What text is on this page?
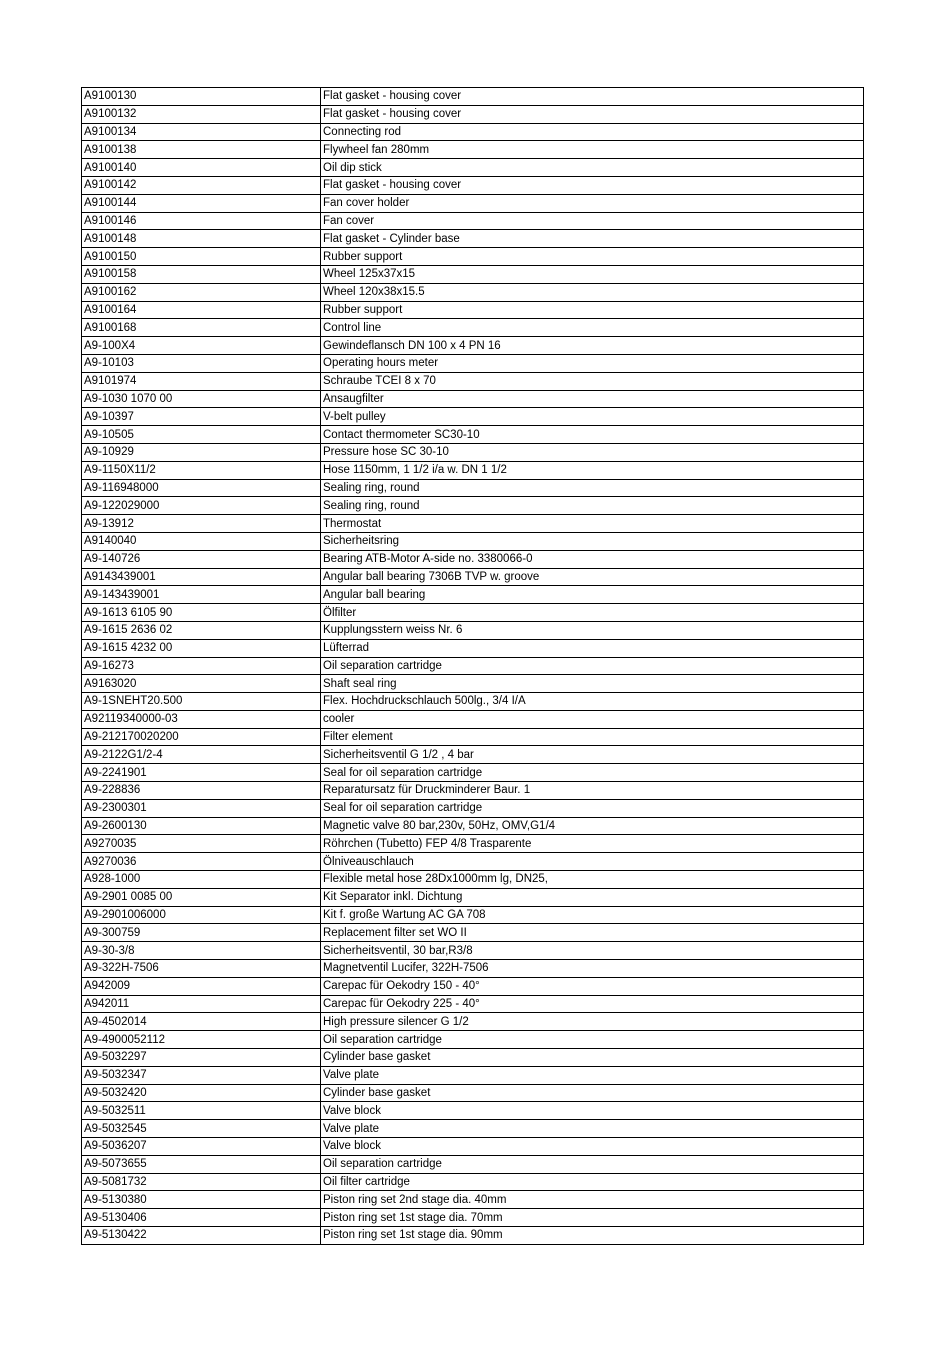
A9100130	Flat gasket - housing cover
A9100132	Flat gasket - housing cover
A9100134	Connecting rod
A9100138	Flywheel fan 280mm
A9100140	Oil dip stick
A9100142	Flat gasket - housing cover
A9100144	Fan cover holder
A9100146	Fan cover
A9100148	Flat gasket - Cylinder base
A9100150	Rubber support
A9100158	Wheel 125x37x15
A9100162	Wheel 120x38x15.5
A9100164	Rubber support
A9100168	Control line
A9-100X4	Gewindeflansch DN 100 x 4 PN 16
A9-10103	Operating hours meter
A9101974	Schraube TCEI 8 x 70
A9-1030 1070 00	Ansaugfilter
A9-10397	V-belt pulley
A9-10505	Contact thermometer SC30-10
A9-10929	Pressure hose SC 30-10
A9-1150X11/2	Hose 1150mm, 1 1/2 i/a w. DN 1 1/2
A9-116948000	Sealing ring, round
A9-122029000	Sealing ring, round
A9-13912	Thermostat
A9140040	Sicherheitsring
A9-140726	Bearing ATB-Motor A-side no. 3380066-0
A9143439001	Angular ball bearing 7306B TVP w. groove
A9-143439001	Angular ball bearing
A9-1613 6105 90	Ölfilter
A9-1615 2636 02	Kupplungsstern weiss Nr. 6
A9-1615 4232 00	Lüfterrad
A9-16273	Oil separation cartridge
A9163020	Shaft seal ring
A9-1SNEHT20.500	Flex. Hochdruckschlauch 500lg., 3/4 I/A
A92119340000-03	cooler
A9-212170020200	Filter element
A9-2122G1/2-4	Sicherheitsventil G 1/2 , 4 bar
A9-2241901	Seal for oil separation cartridge
A9-228836	Reparatursatz für Druckminderer Baur. 1
A9-2300301	Seal for oil separation cartridge
A9-2600130	Magnetic valve 80 bar,230v, 50Hz, OMV,G1/4
A9270035	Röhrchen (Tubetto) FEP 4/8 Trasparente
A9270036	Ölniveauschlauch
A928-1000	Flexible metal hose 28Dx1000mm lg, DN25,
A9-2901 0085 00	Kit Separator inkl. Dichtung
A9-2901006000	Kit f. große Wartung AC GA 708
A9-300759	Replacement filter set WO II
A9-30-3/8	Sicherheitsventil, 30 bar,R3/8
A9-322H-7506	Magnetventil Lucifer, 322H-7506
A942009	Carepac für Oekodry 150 - 40°
A942011	Carepac für Oekodry 225 - 40°
A9-4502014	High pressure silencer G 1/2
A9-4900052112	Oil separation cartridge
A9-5032297	Cylinder base gasket
A9-5032347	Valve plate
A9-5032420	Cylinder base gasket
A9-5032511	Valve block
A9-5032545	Valve plate
A9-5036207	Valve block
A9-5073655	Oil separation cartridge
A9-5081732	Oil filter cartridge
A9-5130380	Piston ring set 2nd stage dia. 40mm
A9-5130406	Piston ring set 1st stage dia. 70mm
A9-5130422	Piston ring set 1st stage dia. 90mm
